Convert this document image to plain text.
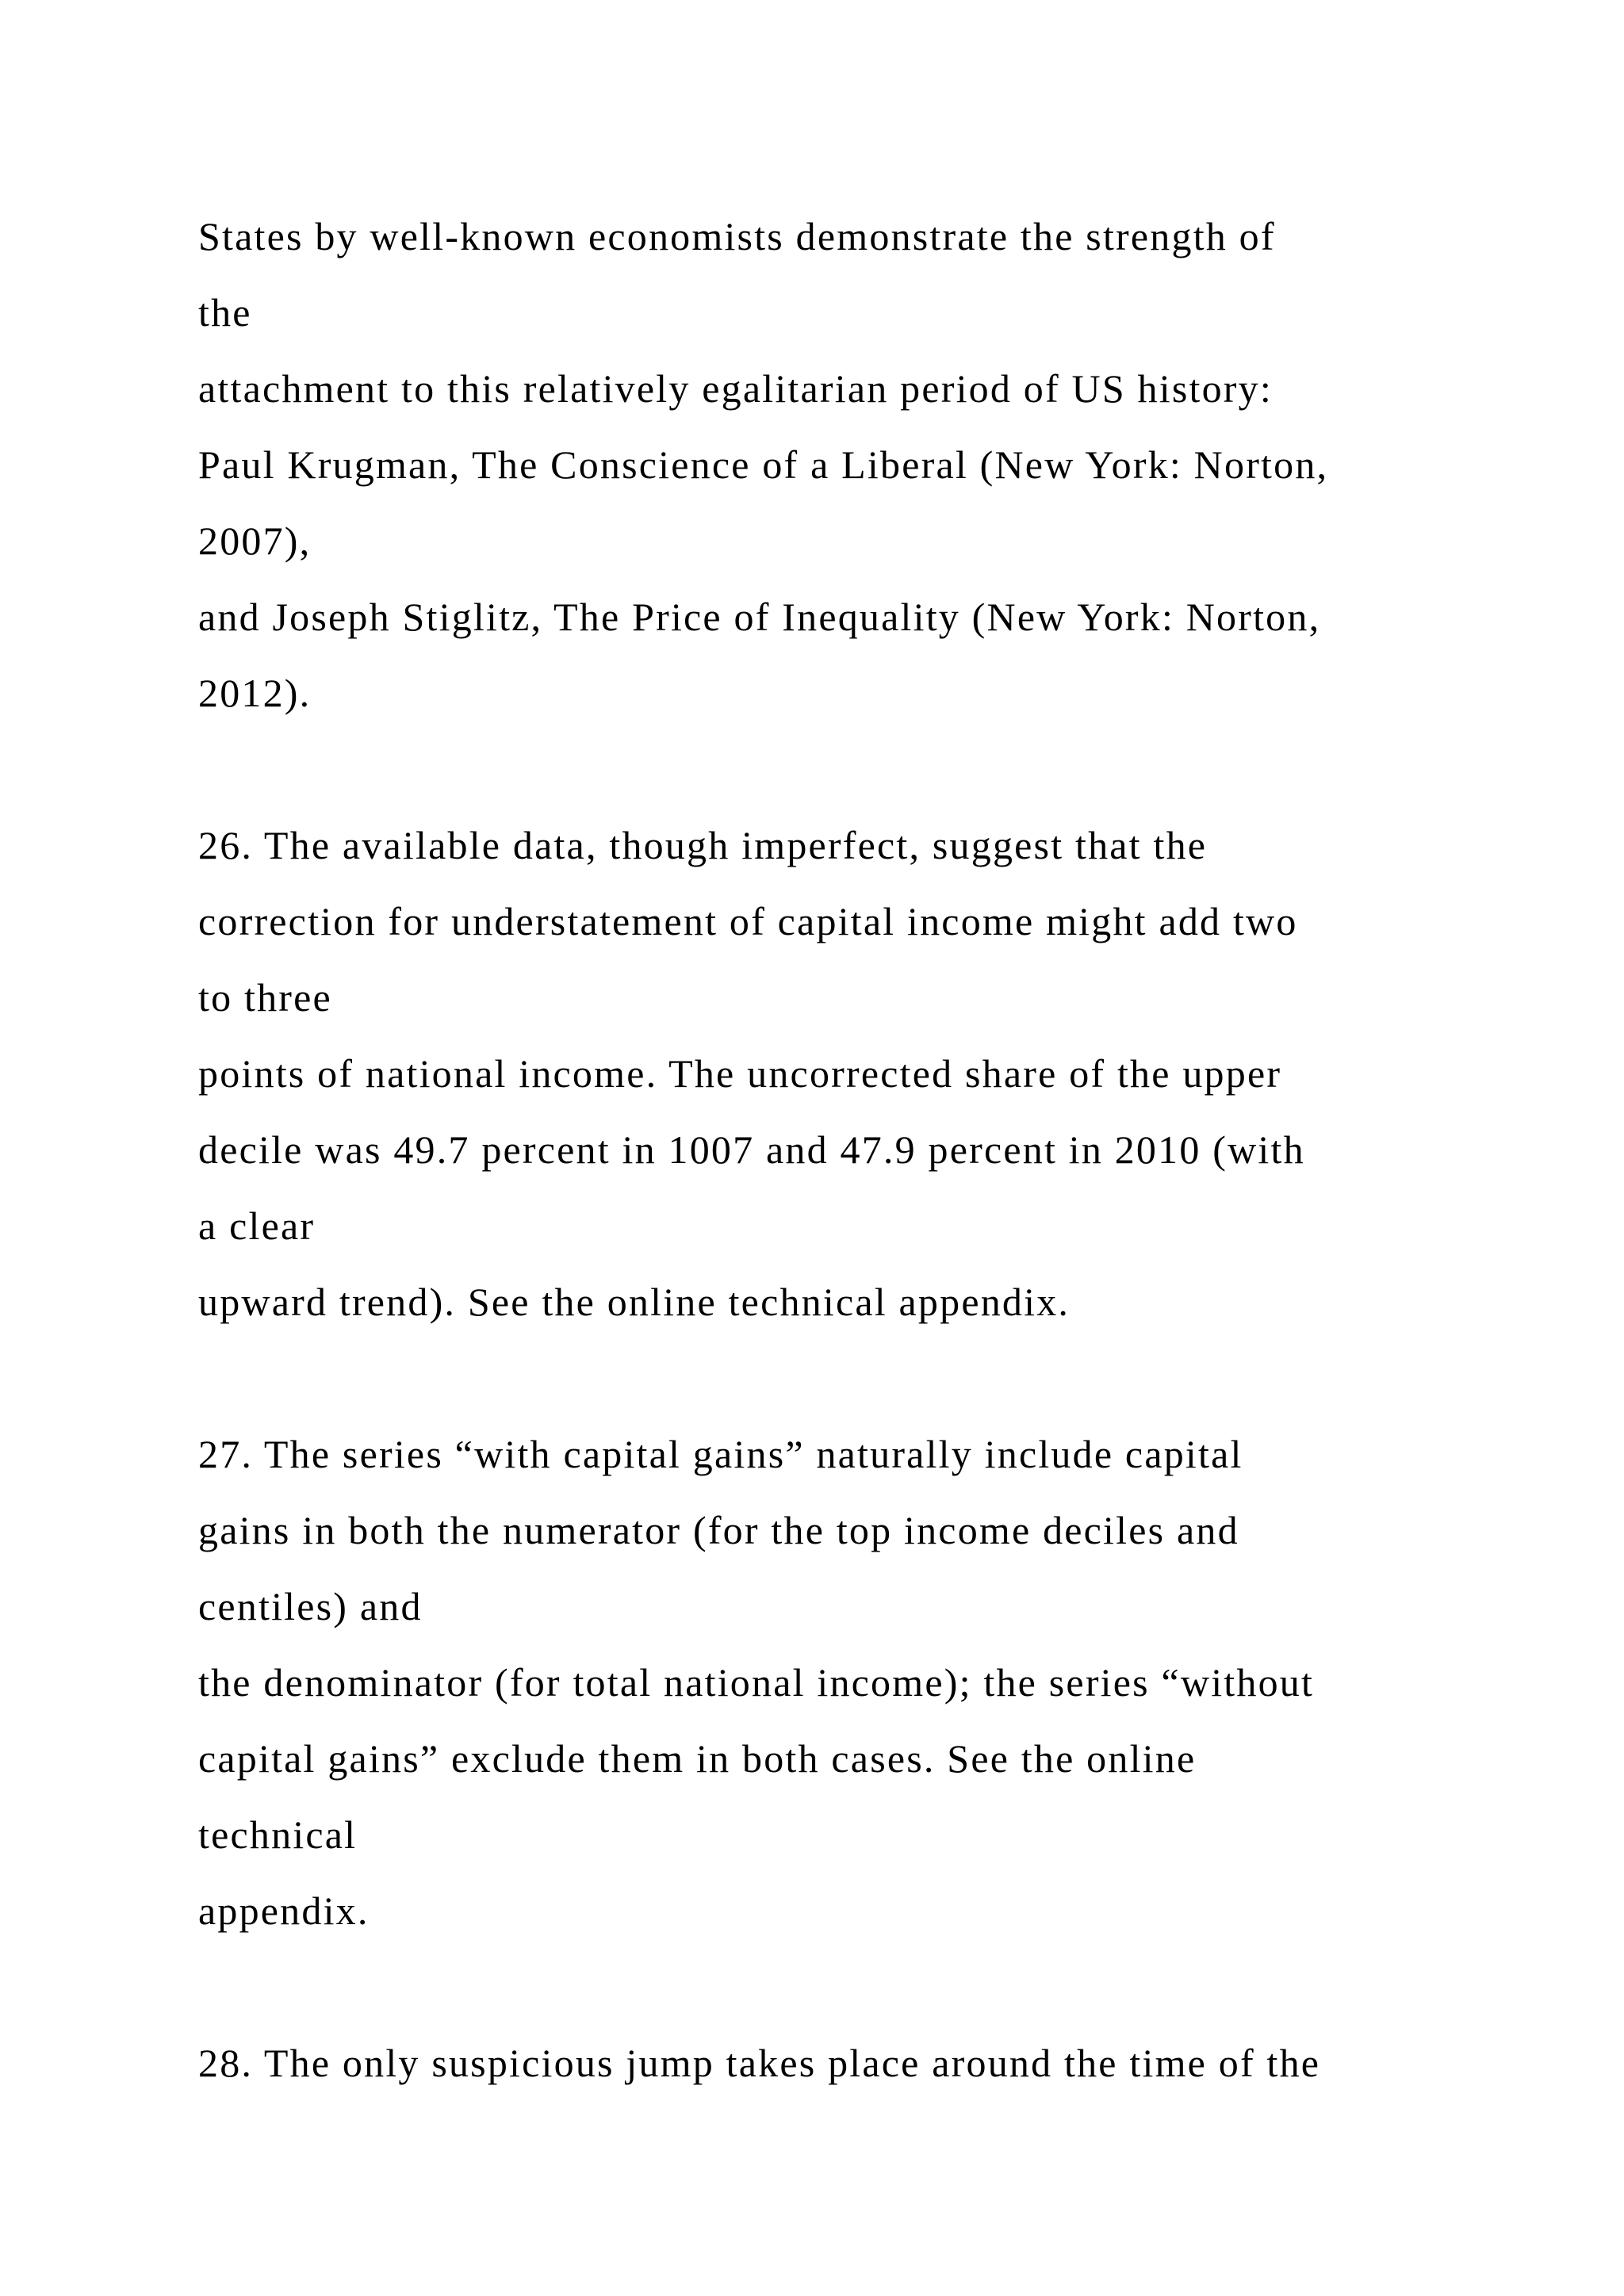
States by well-known economists demonstrate the strength of
the
attachment to this relatively egalitarian period of US history:
Paul Krugman, The Conscience of a Liberal (New York: Norton,
2007),
and Joseph Stiglitz, The Price of Inequality (New York: Norton,
2012).
26. The available data, though imperfect, suggest that the
correction for understatement of capital income might add two
to three
points of national income. The uncorrected share of the upper
decile was 49.7 percent in 1007 and 47.9 percent in 2010 (with
a clear
upward trend). See the online technical appendix.
27. The series “with capital gains” naturally include capital
gains in both the numerator (for the top income deciles and
centiles) and
the denominator (for total national income); the series “without
capital gains” exclude them in both cases. See the online
technical
appendix.
28. The only suspicious jump takes place around the time of the
